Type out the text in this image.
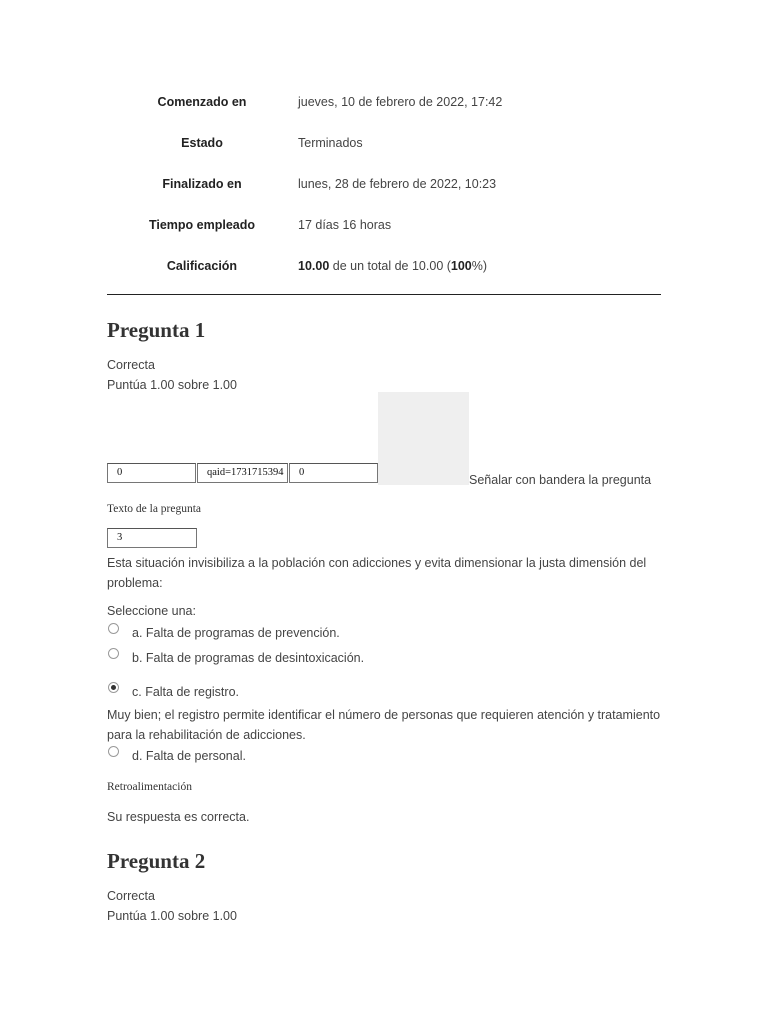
Comenzado en	jueves, 10 de febrero de 2022, 17:42
Estado	Terminados
Finalizado en	lunes, 28 de febrero de 2022, 10:23
Tiempo empleado	17 días 16 horas
Calificación	10.00 de un total de 10.00 (100%)
Pregunta 1
Correcta
Puntúa 1.00 sobre 1.00
0	qaid=1731715394	0
Señalar con bandera la pregunta
Texto de la pregunta
3
Esta situación invisibiliza a la población con adicciones y evita dimensionar la justa dimensión del problema:
Seleccione una:
a. Falta de programas de prevención.
b. Falta de programas de desintoxicación.
c. Falta de registro.
Muy bien; el registro permite identificar el número de personas que requieren atención y tratamiento para la rehabilitación de adicciones.
d. Falta de personal.
Retroalimentación
Su respuesta es correcta.
Pregunta 2
Correcta
Puntúa 1.00 sobre 1.00
